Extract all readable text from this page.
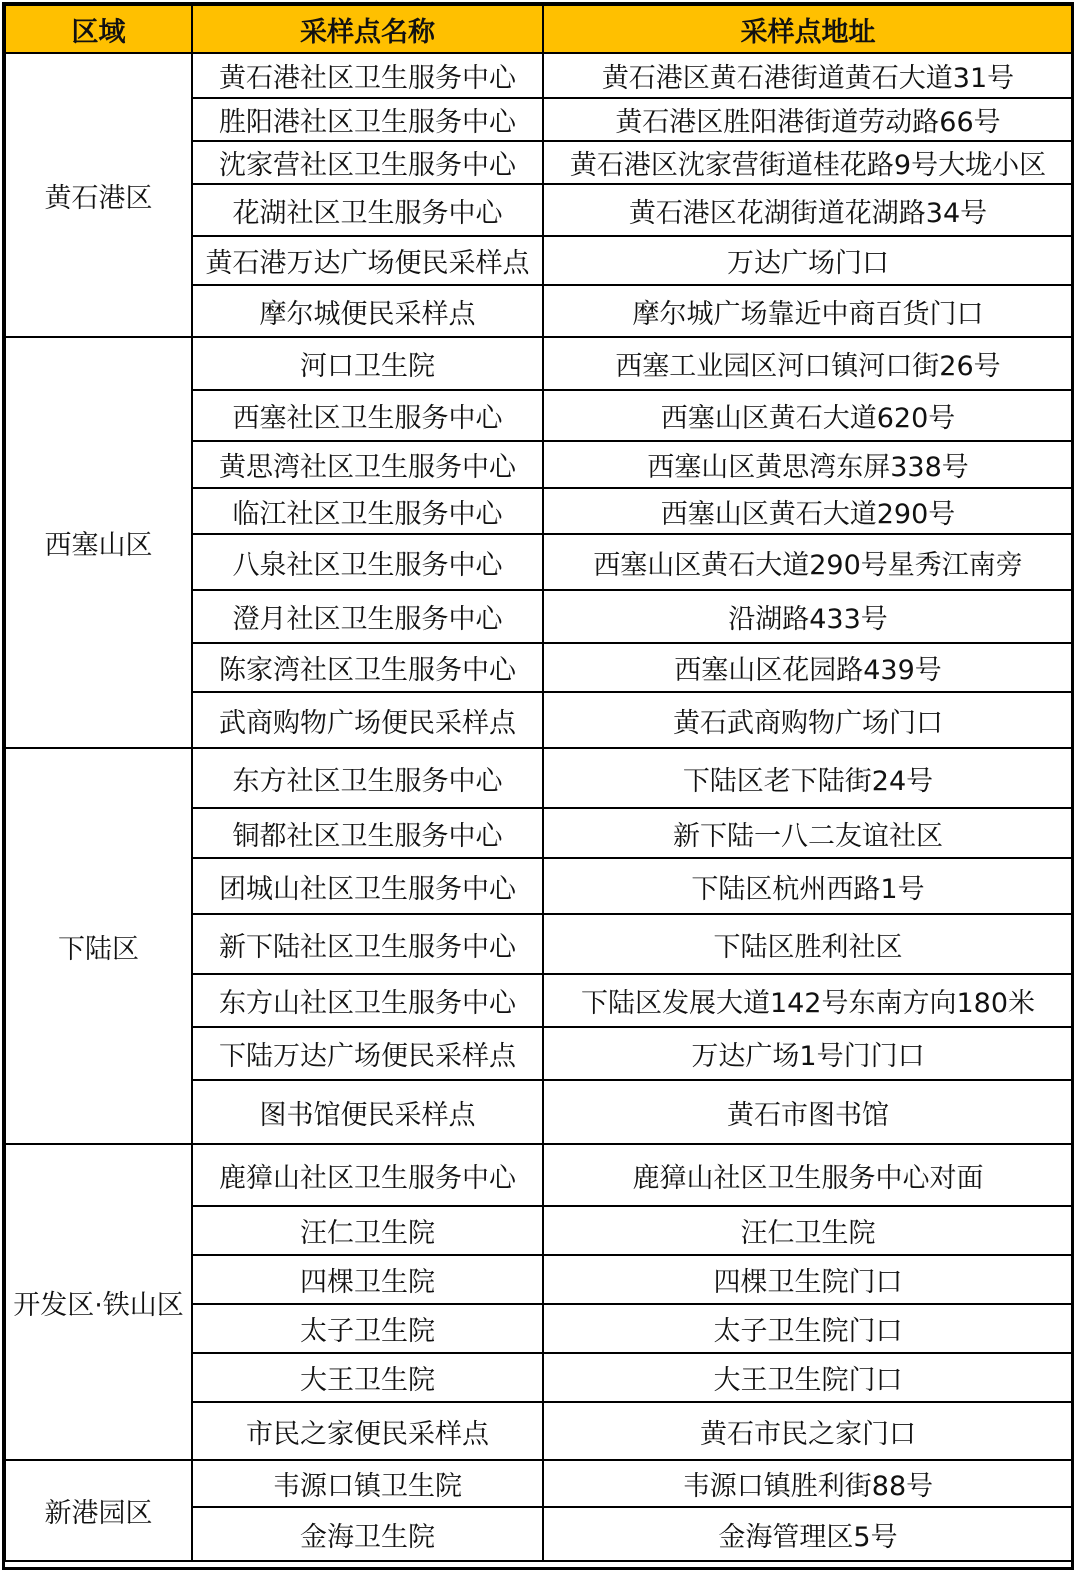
区域	采样点名称	采样点地址
黄石港区	黄石港社区卫生服务中心	黄石港区黄石港街道黄石大道31号
	胜阳港社区卫生服务中心	黄石港区胜阳港街道劳动路66号
	沈家营社区卫生服务中心	黄石港区沈家营街道桂花路9号大垅小区
	花湖社区卫生服务中心	黄石港区花湖街道花湖路34号
	黄石港万达广场便民采样点	万达广场门口
	摩尔城便民采样点	摩尔城广场靠近中商百货门口
西塞山区	河口卫生院	西塞工业园区河口镇河口街26号
	西塞社区卫生服务中心	西塞山区黄石大道620号
	黄思湾社区卫生服务中心	西塞山区黄思湾东屏338号
	临江社区卫生服务中心	西塞山区黄石大道290号
	八泉社区卫生服务中心	西塞山区黄石大道290号星秀江南旁
	澄月社区卫生服务中心	沿湖路433号
	陈家湾社区卫生服务中心	西塞山区花园路439号
	武商购物广场便民采样点	黄石武商购物广场门口
下陆区	东方社区卫生服务中心	下陆区老下陆街24号
	铜都社区卫生服务中心	新下陆一八二友谊社区
	团城山社区卫生服务中心	下陆区杭州西路1号
	新下陆社区卫生服务中心	下陆区胜利社区
	东方山社区卫生服务中心	下陆区发展大道142号东南方向180米
	下陆万达广场便民采样点	万达广场1号门门口
	图书馆便民采样点	黄石市图书馆
开发区·铁山区	鹿獐山社区卫生服务中心	鹿獐山社区卫生服务中心对面
	汪仁卫生院	汪仁卫生院
	四棵卫生院	四棵卫生院门口
	太子卫生院	太子卫生院门口
	大王卫生院	大王卫生院门口
	市民之家便民采样点	黄石市民之家门口
新港园区	韦源口镇卫生院	韦源口镇胜利街88号
	金海卫生院	金海管理区5号
